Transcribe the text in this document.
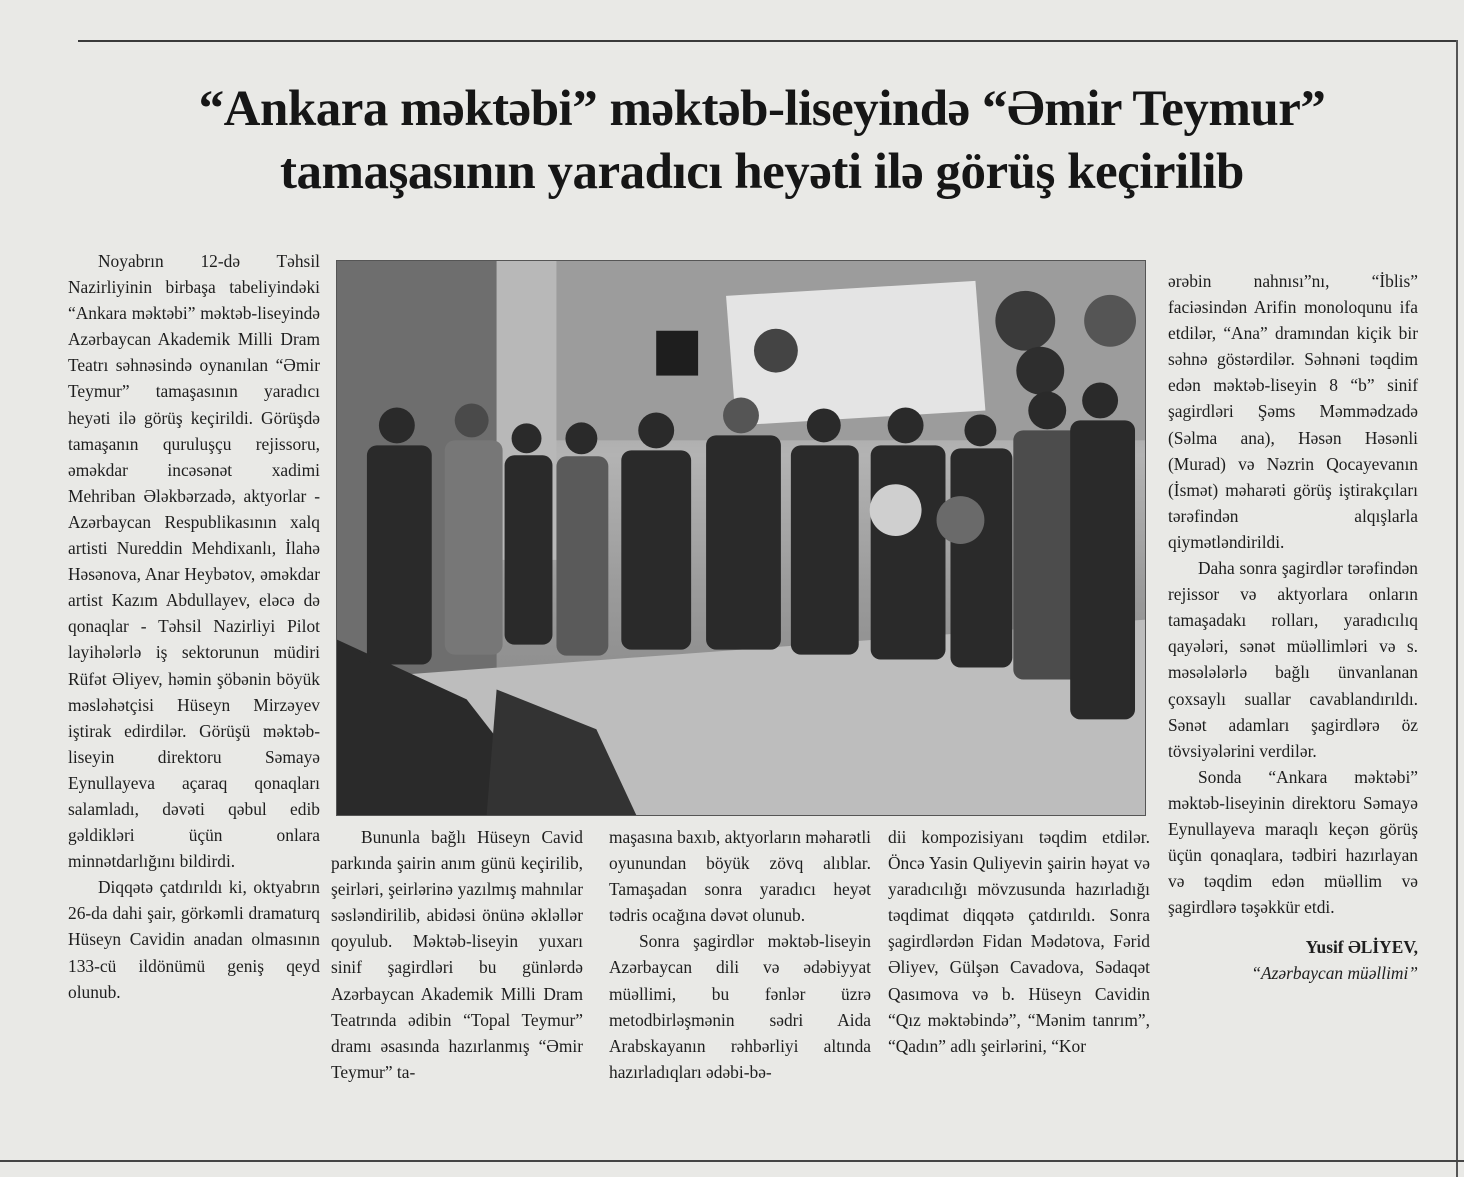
“Ankara məktəbi” məktəb-liseyində “Əmir Teymur”
tamaşasının yaradıcı heyəti ilə görüş keçirilib

Noyabrın 12-də Təhsil Nazirliyinin birbaşa tabeliyindəki “Ankara məktəbi” məktəb-liseyində Azərbaycan Akademik Milli Dram Teatrı səhnəsində oynanılan “Əmir Teymur” tamaşasının yaradıcı heyəti ilə görüş keçirildi. Görüşdə tamaşanın quruluşçu rejissoru, əməkdar incəsənət xadimi Mehriban Ələkbərzadə, aktyorlar - Azərbaycan Respublikasının xalq artisti Nureddin Mehdixanlı, İlahə Həsənova, Anar Heybətov, əməkdar artist Kazım Abdullayev, eləcə də qonaqlar - Təhsil Nazirliyi Pilot layihələrlə iş sektorunun müdiri Rüfət Əliyev, həmin şöbənin böyük məsləhətçisi Hüseyn Mirzəyev iştirak edirdilər. Görüşü məktəb-liseyin direktoru Səmayə Eynullayeva açaraq qonaqları salamladı, dəvəti qəbul edib gəldikləri üçün onlara minnətdarlığını bildirdi.

Diqqətə çatdırıldı ki, oktyabrın 26-da dahi şair, görkəmli dramaturq Hüseyn Cavidin anadan olmasının 133-cü ildönümü geniş qeyd olunub.

Bununla bağlı Hüseyn Cavid parkında şairin anım günü keçirilib, şeirləri, şeirlərinə yazılmış mahnılar səsləndirilib, abidəsi önünə əkləllər qoyulub. Məktəb-liseyin yuxarı sinif şagirdləri bu günlərdə Azərbaycan Akademik Milli Dram Teatrında ədibin “Topal Teymur” dramı əsasında hazırlanmış “Əmir Teymur” ta-

maşasına baxıb, aktyorların məharətli oyunundan böyük zövq alıblar. Tamaşadan sonra yaradıcı heyət tədris ocağına dəvət olunub.

Sonra şagirdlər məktəb-liseyin Azərbaycan dili və ədəbiyyat müəllimi, bu fənlər üzrə metodbirləşmənin sədri Aida Arabskayanın rəhbərliyi altında hazırladıqları ədəbi-bə-

dii kompozisiyanı təqdim etdilər. Öncə Yasin Quliyevin şairin həyat və yaradıcılığı mövzusunda hazırladığı təqdimat diqqətə çatdırıldı. Sonra şagirdlərdən Fidan Mədətova, Fərid Əliyev, Gülşən Cavadova, Sədaqət Qasımova və b. Hüseyn Cavidin “Qız məktəbində”, “Mənim tanrım”, “Qadın” adlı şeirlərini, “Kor

ərəbin nahnısı”nı, “İblis” faciəsindən Arifin monoloqunu ifa etdilər, “Ana” dramından kiçik bir səhnə göstərdilər. Səhnəni təqdim edən məktəb-liseyin 8 “b” sinif şagirdləri Şəms Məmmədzadə (Səlma ana), Həsən Həsənli (Murad) və Nəzrin Qocayevanın (İsmət) məharəti görüş iştirakçıları tərəfindən alqışlarla qiymətləndirildi.

Daha sonra şagirdlər tərəfindən rejissor və aktyorlara onların tamaşadakı rolları, yaradıcılıq qayələri, sənət müəllimləri və s. məsələlərlə bağlı ünvanlanan çoxsaylı suallar cavablandırıldı. Sənət adamları şagirdlərə öz tövsiyələrini verdilər.

Sonda “Ankara məktəbi” məktəb-liseyinin direktoru Səmayə Eynullayeva maraqlı keçən görüş üçün qonaqlara, tədbiri hazırlayan və təqdim edən müəllim və şagirdlərə təşəkkür etdi.

Yusif ƏLİYEV,

“Azərbaycan müəllimi”
